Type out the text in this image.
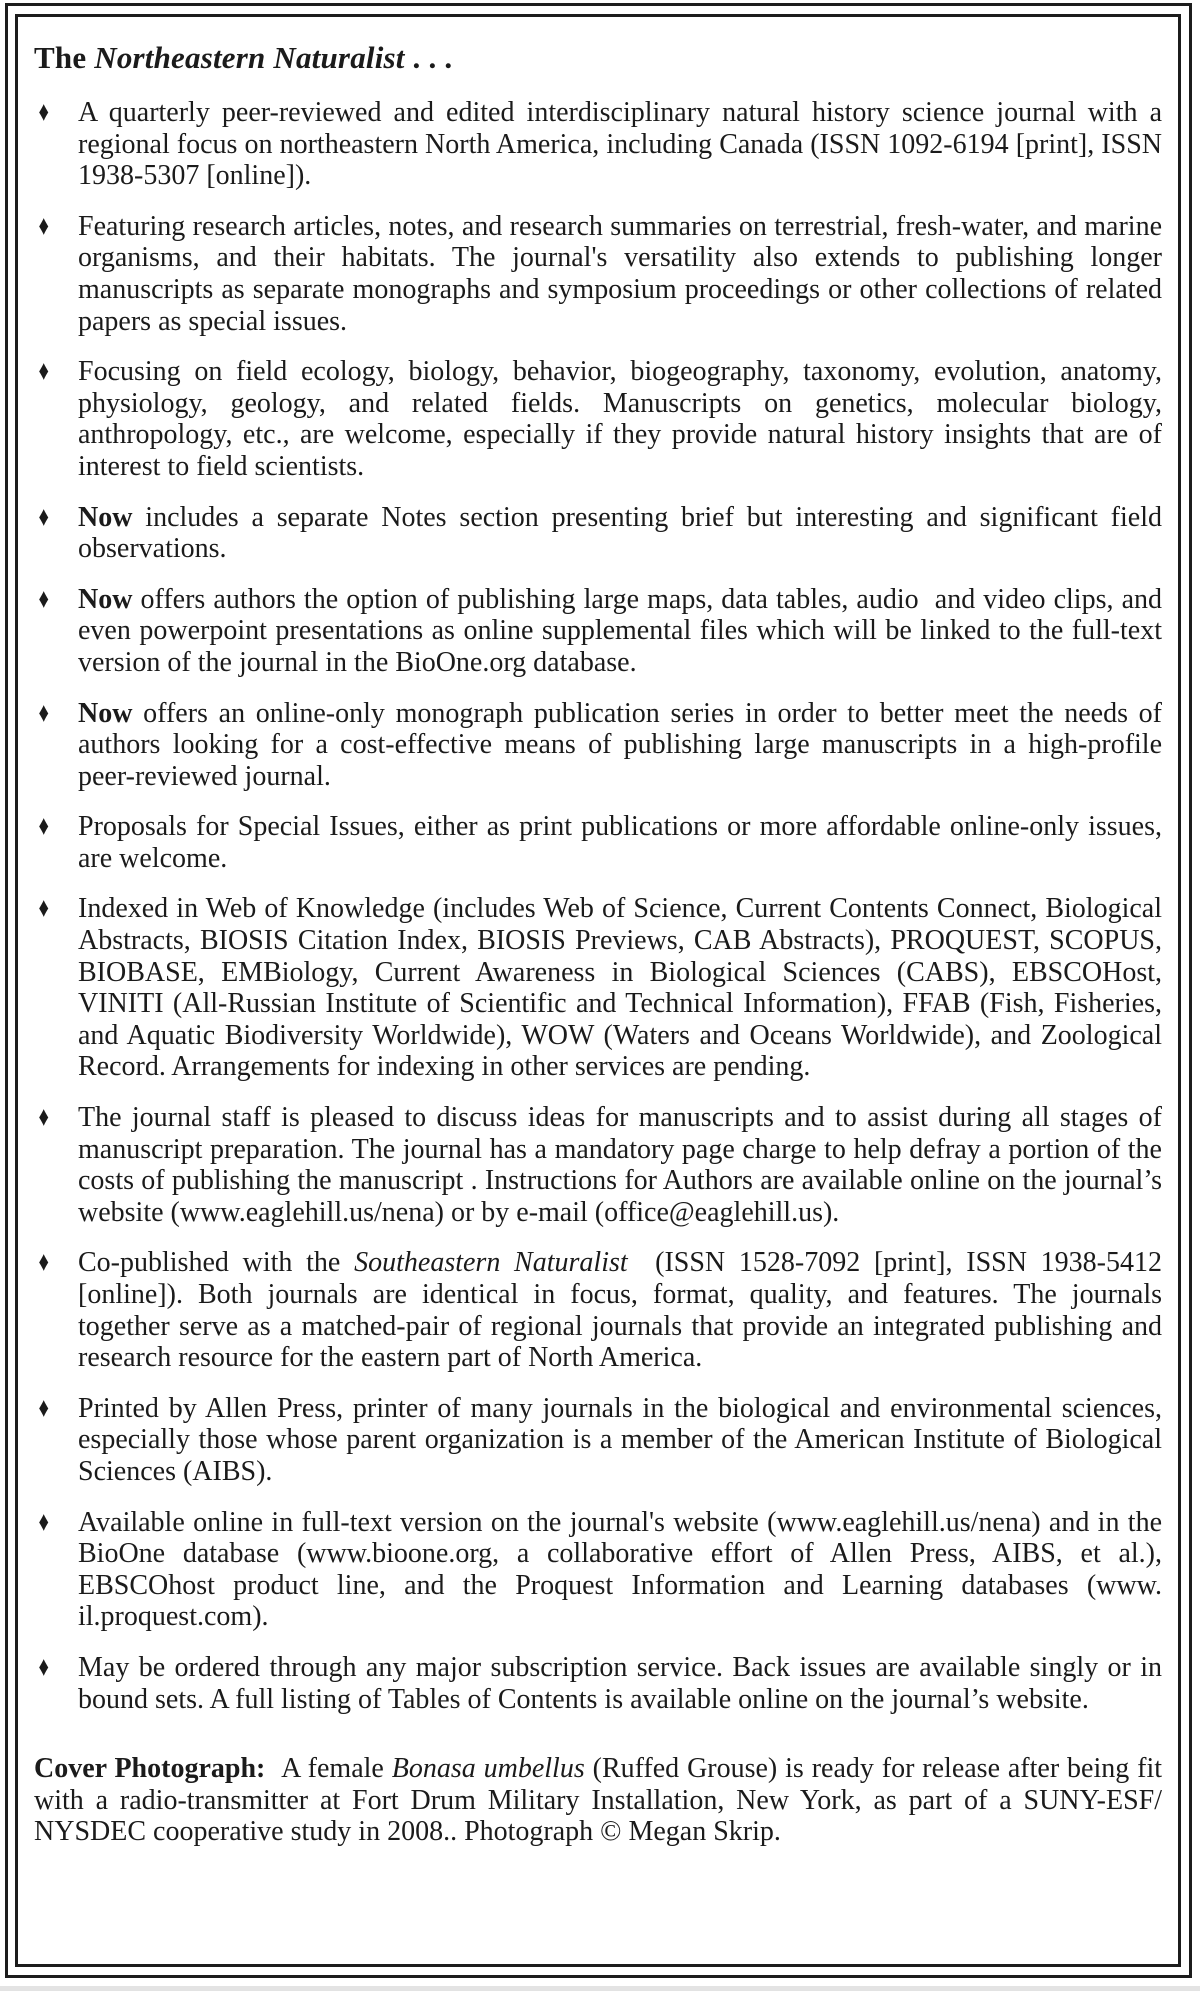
The Northeastern Naturalist . . .
♦	A quarterly peer-reviewed and edited interdisciplinary natural history science journal with a regional focus on northeastern North America, including Canada (ISSN 1092-6194 [print], ISSN 1938-5307 [online]).
♦	Featuring research articles, notes, and research summaries on terrestrial, fresh-water, and marine organisms, and their habitats. The journal's versatility also extends to publishing longer manuscripts as separate monographs and symposium proceedings or other collections of related papers as special issues.
♦	Focusing on field ecology, biology, behavior, biogeography, taxonomy, evolution, anatomy, physiology, geology, and related fields. Manuscripts on genetics, molecular biology, anthropology, etc., are welcome, especially if they provide natural history insights that are of interest to field scientists.
♦	Now includes a separate Notes section presenting brief but interesting and significant field observations.
♦	Now offers authors the option of publishing large maps, data tables, audio  and video clips, and even powerpoint presentations as online supplemental files which will be linked to the full-text version of the journal in the BioOne.org database.
♦	Now offers an online-only monograph publication series in order to better meet the needs of authors looking for a cost-effective means of publishing large manuscripts in a high-profile peer-reviewed journal.
♦	Proposals for Special Issues, either as print publications or more affordable online-only issues, are welcome.
♦	Indexed in Web of Knowledge (includes Web of Science, Current Contents Connect, Biological Abstracts, BIOSIS Citation Index, BIOSIS Previews, CAB Abstracts), PROQUEST, SCOPUS, BIOBASE, EMBiology, Current Awareness in Biological Sciences (CABS), EBSCOHost, VINITI (All-Russian Institute of Scientific and Technical Information), FFAB (Fish, Fisheries, and Aquatic Biodiversity Worldwide), WOW (Waters and Oceans Worldwide), and Zoological Record. Arrangements for indexing in other services are pending.
♦	The journal staff is pleased to discuss ideas for manuscripts and to assist during all stages of manuscript preparation. The journal has a mandatory page charge to help defray a portion of the costs of publishing the manuscript . Instructions for Authors are available online on the journal’s website (www.eaglehill.us/nena) or by e-mail (office@eaglehill.us).
♦	Co-published with the Southeastern Naturalist  (ISSN 1528-7092 [print], ISSN 1938-5412 [online]). Both journals are identical in focus, format, quality, and features. The journals together serve as a matched-pair of regional journals that provide an integrated publishing and research resource for the eastern part of North America.
♦	Printed by Allen Press, printer of many journals in the biological and environmental sciences, especially those whose parent organization is a member of the American Institute of Biological Sciences (AIBS).
♦	Available online in full-text version on the journal's website (www.eaglehill.us/nena) and in the BioOne database (www.bioone.org, a collaborative effort of Allen Press, AIBS, et al.), EBSCOhost product line, and the Proquest Information and Learning databases (www. il.proquest.com).
♦	May be ordered through any major subscription service. Back issues are available singly or in bound sets. A full listing of Tables of Contents is available online on the journal’s website.

Cover Photograph:  A female Bonasa umbellus (Ruffed Grouse) is ready for release after being fit with a radio-transmitter at Fort Drum Military Installation, New York, as part of a SUNY-ESF/ NYSDEC cooperative study in 2008.. Photograph © Megan Skrip.
